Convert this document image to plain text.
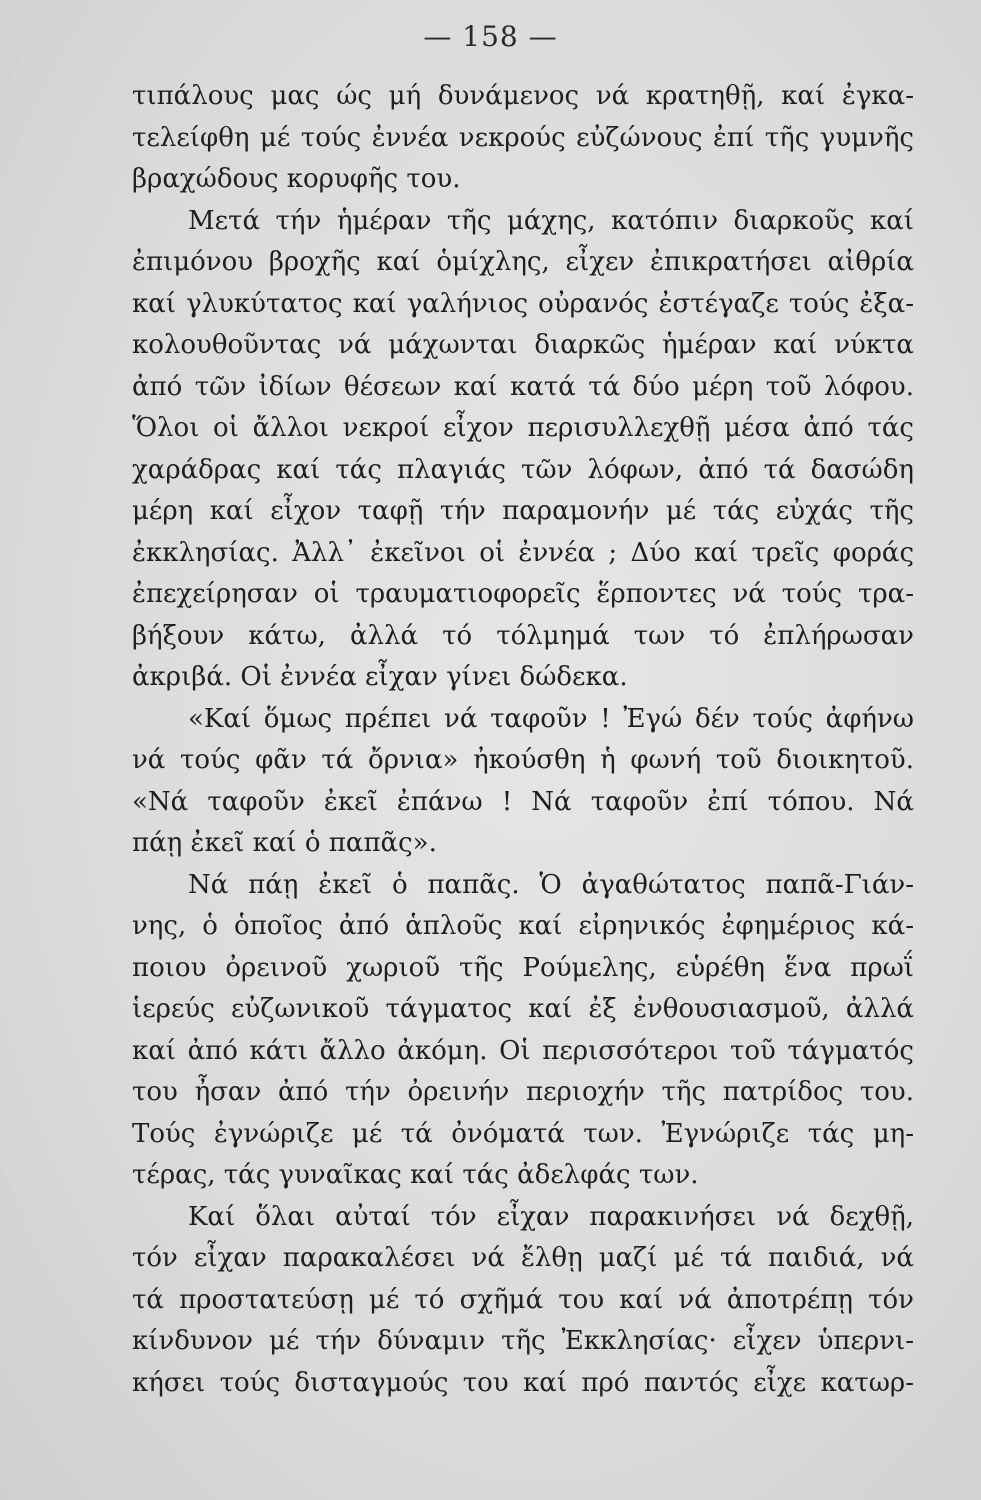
— 158 —
τιπάλους μας ώς μή δυνάμενος νά κρατηθῇ, καί ἐγκα-
τελείφθη μέ τούς ἐννέα νεκρούς εὐζώνους ἐπί τῆς γυμνῆς
βραχώδους κορυφῆς του.
Μετά τήν ἡμέραν τῆς μάχης, κατόπιν διαρκοῦς καί
ἐπιμόνου βροχῆς καί ὁμίχλης, εἶχεν ἐπικρατήσει αἰθρία
καί γλυκύτατος καί γαλήνιος οὐρανός ἐστέγαζε τούς ἐξα-
κολουθοῦντας νά μάχωνται διαρκῶς ἡμέραν καί νύκτα
ἀπό τῶν ἰδίων θέσεων καί κατά τά δύο μέρη τοῦ λόφου.
Ὅλοι οἱ ἄλλοι νεκροί εἶχον περισυλλεχθῇ μέσα ἀπό τάς
χαράδρας καί τάς πλαγιάς τῶν λόφων, ἀπό τά δασώδη
μέρη καί εἶχον ταφῇ τήν παραμονήν μέ τάς εὐχάς τῆς
ἐκκλησίας. Ἀλλ᾽ ἐκεῖνοι οἱ ἐννέα ; Δύο καί τρεῖς φοράς
ἐπεχείρησαν οἱ τραυματιοφορεῖς ἕρποντες νά τούς τρα-
βήξουν κάτω, ἀλλά τό τόλμημά των τό ἐπλήρωσαν
ἀκριβά. Οἱ ἐννέα εἶχαν γίνει δώδεκα.
«Καί ὅμως πρέπει νά ταφοῦν ! Ἐγώ δέν τούς ἀφήνω
νά τούς φᾶν τά ὄρνια» ἠκούσθη ἡ φωνή τοῦ διοικητοῦ.
«Νά ταφοῦν ἐκεῖ ἐπάνω ! Νά ταφοῦν ἐπί τόπου. Νά
πάῃ ἐκεῖ καί ὁ παπᾶς».
Νά πάῃ ἐκεῖ ὁ παπᾶς. Ὁ ἀγαθώτατος παπᾶ-Γιάν-
νης, ὁ ὁποῖος ἀπό ἁπλοῦς καί εἰρηνικός ἐφημέριος κά-
ποιου ὀρεινοῦ χωριοῦ τῆς Ρούμελης, εὑρέθη ἕνα πρωΐ
ἱερεύς εὐζωνικοῦ τάγματος καί ἐξ ἐνθουσιασμοῦ, ἀλλά
καί ἀπό κάτι ἄλλο ἀκόμη. Οἱ περισσότεροι τοῦ τάγματός
του ἦσαν ἀπό τήν ὀρεινήν περιοχήν τῆς πατρίδος του.
Τούς ἐγνώριζε μέ τά ὀνόματά των. Ἐγνώριζε τάς μη-
τέρας, τάς γυναῖκας καί τάς ἀδελφάς των.
Καί ὅλαι αὐταί τόν εἶχαν παρακινήσει νά δεχθῇ,
τόν εἶχαν παρακαλέσει νά ἔλθῃ μαζί μέ τά παιδιά, νά
τά προστατεύσῃ μέ τό σχῆμά του καί νά ἀποτρέπῃ τόν
κίνδυνον μέ τήν δύναμιν τῆς Ἐκκλησίας· εἶχεν ὑπερνι-
κήσει τούς δισταγμούς του καί πρό παντός εἶχε κατωρ-
